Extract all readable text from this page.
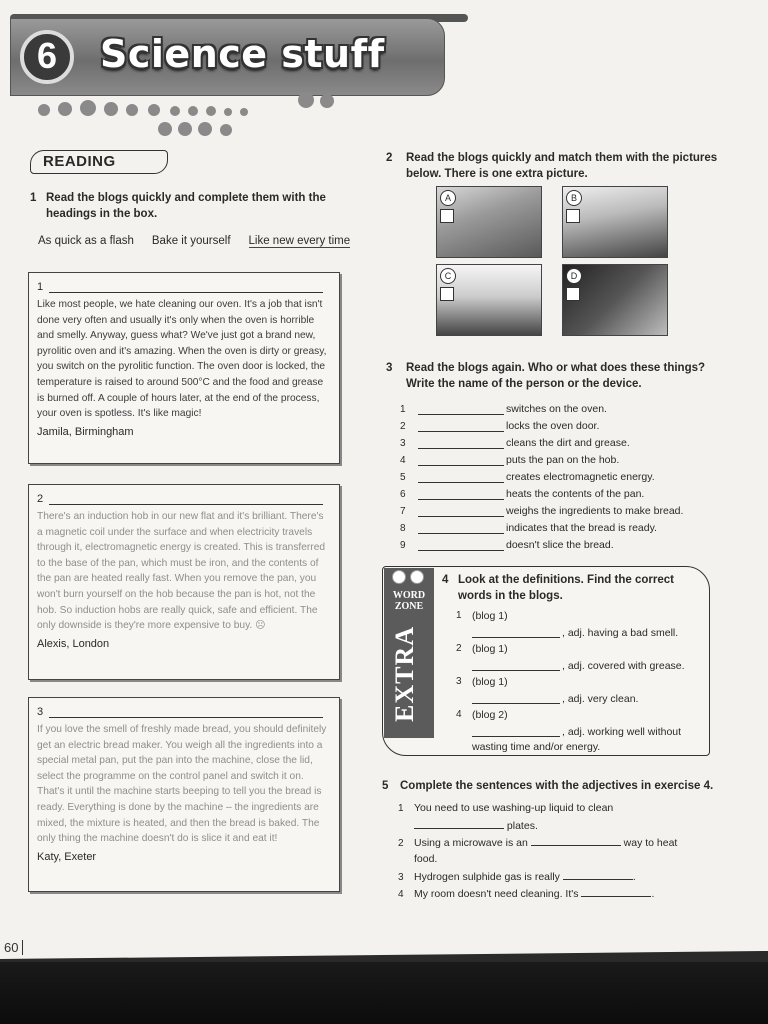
6	Science stuff
READING
1 Read the blogs quickly and complete them with the headings in the box.
As quick as a flash Bake it yourself Like new every time
1
Like most people, we hate cleaning our oven. It's a job that isn't done very often and usually it's only when the oven is horrible and smelly. Anyway, guess what? We've just got a brand new, pyrolitic oven and it's amazing. When the oven is dirty or greasy, you switch on the pyrolitic function. The oven door is locked, the temperature is raised to around 500°C and the food and grease is burned off. A couple of hours later, at the end of the process, your oven is spotless. It's like magic!
Jamila, Birmingham
2
There's an induction hob in our new flat and it's brilliant. There's a magnetic coil under the surface and when electricity travels through it, electromagnetic energy is created. This is transferred to the base of the pan, which must be iron, and the contents of the pan are heated really fast. When you remove the pan, you won't burn yourself on the hob because the pan is hot, not the hob. So induction hobs are really quick, safe and efficient. The only downside is they're more expensive to buy. ☹
Alexis, London
3
If you love the smell of freshly made bread, you should definitely get an electric bread maker. You weigh all the ingredients into a special metal pan, put the pan into the machine, close the lid, select the programme on the control panel and switch it on. That's it until the machine starts beeping to tell you the bread is ready. Everything is done by the machine – the ingredients are mixed, the mixture is heated, and then the bread is baked. The only thing the machine doesn't do is slice it and eat it!
Katy, Exeter
2 Read the blogs quickly and match them with the pictures below. There is one extra picture.
A	B
C	D
3 Read the blogs again. Who or what does these things? Write the name of the person or the device.
1	switches on the oven.
2	locks the oven door.
3	cleans the dirt and grease.
4	puts the pan on the hob.
5	creates electromagnetic energy.
6	heats the contents of the pan.
7	weighs the ingredients to make bread.
8	indicates that the bread is ready.
9	doesn't slice the bread.
WORD
ZONE
EXTRA
4 Look at the definitions. Find the correct words in the blogs.
1 (blog 1)
, adj. having a bad smell.
2 (blog 1)
, adj. covered with grease.
3 (blog 1)
, adj. very clean.
4 (blog 2)
, adj. working well without
wasting time and/or energy.
5 Complete the sentences with the adjectives in exercise 4.
1 You need to use washing-up liquid to clean
plates.
2 Using a microwave is an	way to heat
food.
3 Hydrogen sulphide gas is really	.
4 My room doesn't need cleaning. It's	.
60
